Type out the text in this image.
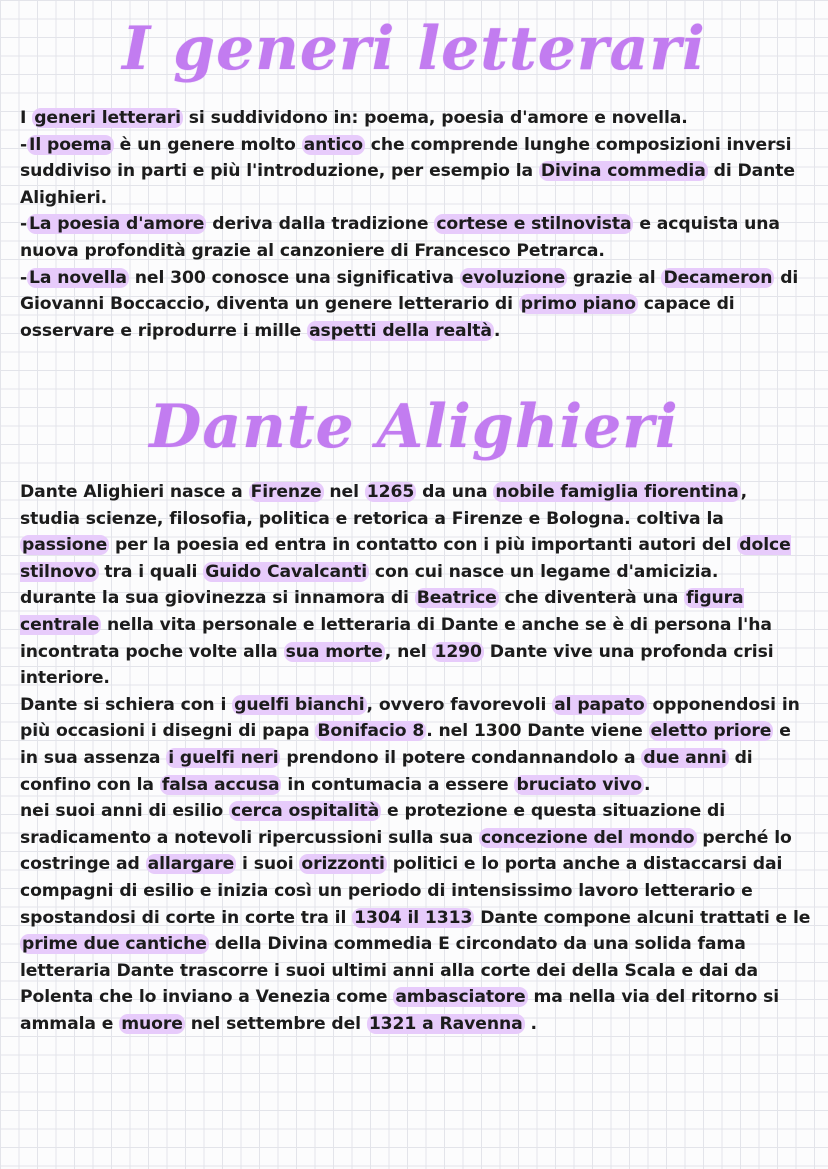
I generi letterari

I generi letterari si suddividono in: poema, poesia d'amore e novella.

- Il poema è un genere molto antico che comprende lunghe composizioni inversi suddiviso in parti e più l'introduzione, per esempio la Divina commedia di Dante Alighieri.

- La poesia d'amore deriva dalla tradizione cortese e stilnovista e acquista una nuova profondità grazie al canzoniere di Francesco Petrarca.

- La novella nel 300 conosce una significativa evoluzione grazie al Decameron di Giovanni Boccaccio, diventa un genere letterario di primo piano capace di osservare e riprodurre i mille aspetti della realtà .

Dante Alighieri

Dante Alighieri nasce a Firenze nel 1265 da una nobile famiglia fiorentina , studia scienze, filosofia, politica e retorica a Firenze e Bologna. coltiva la passione per la poesia ed entra in contatto con i più importanti autori del dolce stilnovo tra i quali Guido Cavalcanti con cui nasce un legame d'amicizia.

durante la sua giovinezza si innamora di Beatrice che diventerà una figura centrale nella vita personale e letteraria di Dante e anche se è di persona l'ha incontrata poche volte alla sua morte , nel 1290 Dante vive una profonda crisi interiore.

Dante si schiera con i guelfi bianchi , ovvero favorevoli al papato opponendosi in più occasioni i disegni di papa Bonifacio 8 . nel 1300 Dante viene eletto priore e in sua assenza i guelfi neri prendono il potere condannandolo a due anni di confino con la falsa accusa in contumacia a essere bruciato vivo .

nei suoi anni di esilio cerca ospitalità e protezione e questa situazione di sradicamento a notevoli ripercussioni sulla sua concezione del mondo perché lo costringe ad allargare i suoi orizzonti politici e lo porta anche a distaccarsi dai compagni di esilio e inizia così un periodo di intensissimo lavoro letterario e spostandosi di corte in corte tra il 1304 il 1313 Dante compone alcuni trattati e le prime due cantiche della Divina commedia E circondato da una solida fama letteraria Dante trascorre i suoi ultimi anni alla corte dei della Scala e dai da Polenta che lo inviano a Venezia come ambasciatore ma nella via del ritorno si ammala e muore nel settembre del 1321 a Ravenna .
